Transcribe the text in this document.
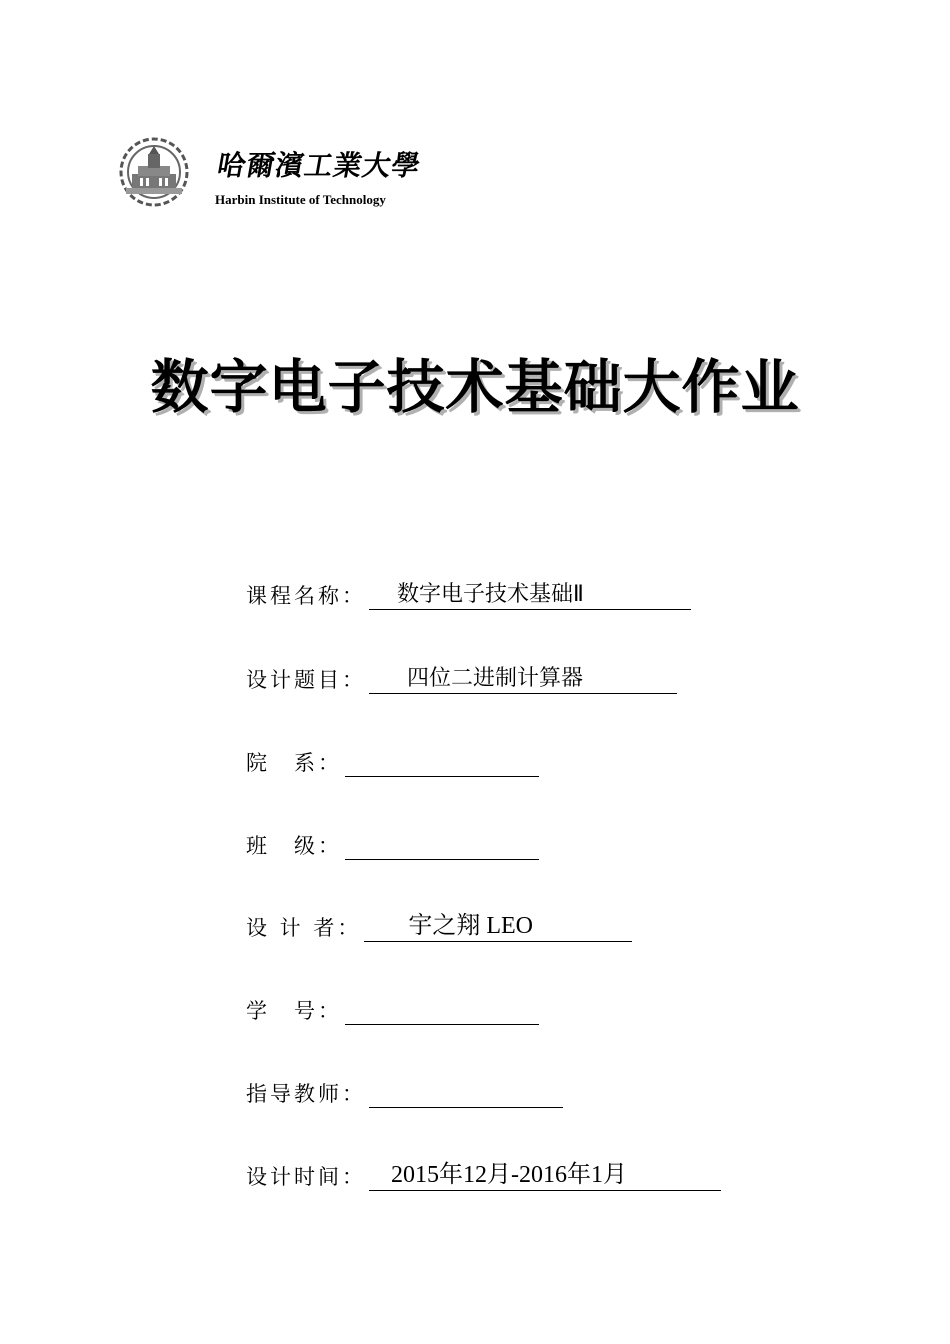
哈爾濱工業大學
Harbin Institute of Technology
数字电子技术基础大作业
课程名称 ：	数字电子技术基础Ⅱ
设计题目 ：	四位二进制计算器
院　系 ：
班　级 ：
设 计 者 ：	宇之翔 LEO
学　号 ：
指导教师 ：
设计时间 ：	2015年12月-2016年1月
